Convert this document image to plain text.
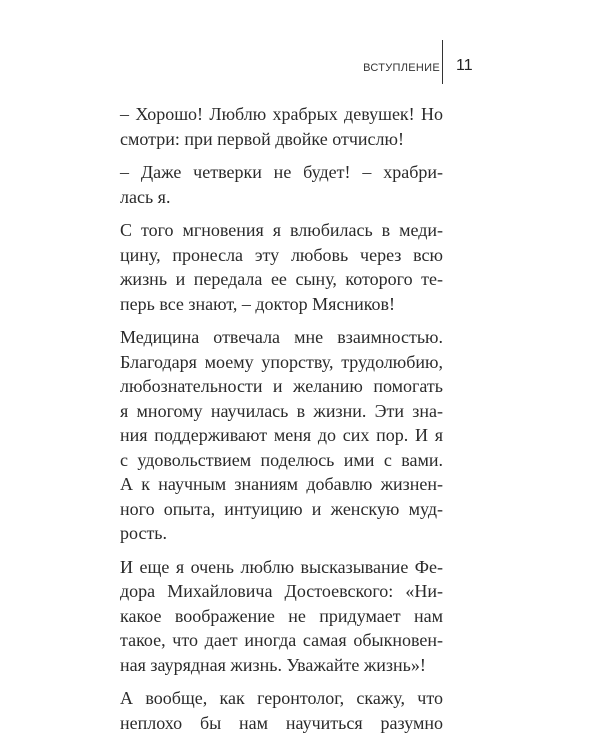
ВСТУПЛЕНИЕ 11

– Хорошо! Люблю храбрых девушек! Но
смотри: при первой двойке отчислю!

– Даже четверки не будет! – храбри-
лась я.

С того мгновения я влюбилась в меди-
цину, пронесла эту любовь через всю
жизнь и передала ее сыну, которого те-
перь все знают, – доктор Мясников!

Медицина отвечала мне взаимностью.
Благодаря моему упорству, трудолюбию,
любознательности и желанию помогать
я многому научилась в жизни. Эти зна-
ния поддерживают меня до сих пор. И я
с удовольствием поделюсь ими с вами.
А к научным знаниям добавлю жизнен-
ного опыта, интуицию и женскую муд-
рость.

И еще я очень люблю высказывание Фе-
дора Михайловича Достоевского: «Ни-
какое воображение не придумает нам
такое, что дает иногда самая обыкновен-
ная заурядная жизнь. Уважайте жизнь»!

А вообще, как геронтолог, скажу, что
неплохо бы нам научиться разумно
